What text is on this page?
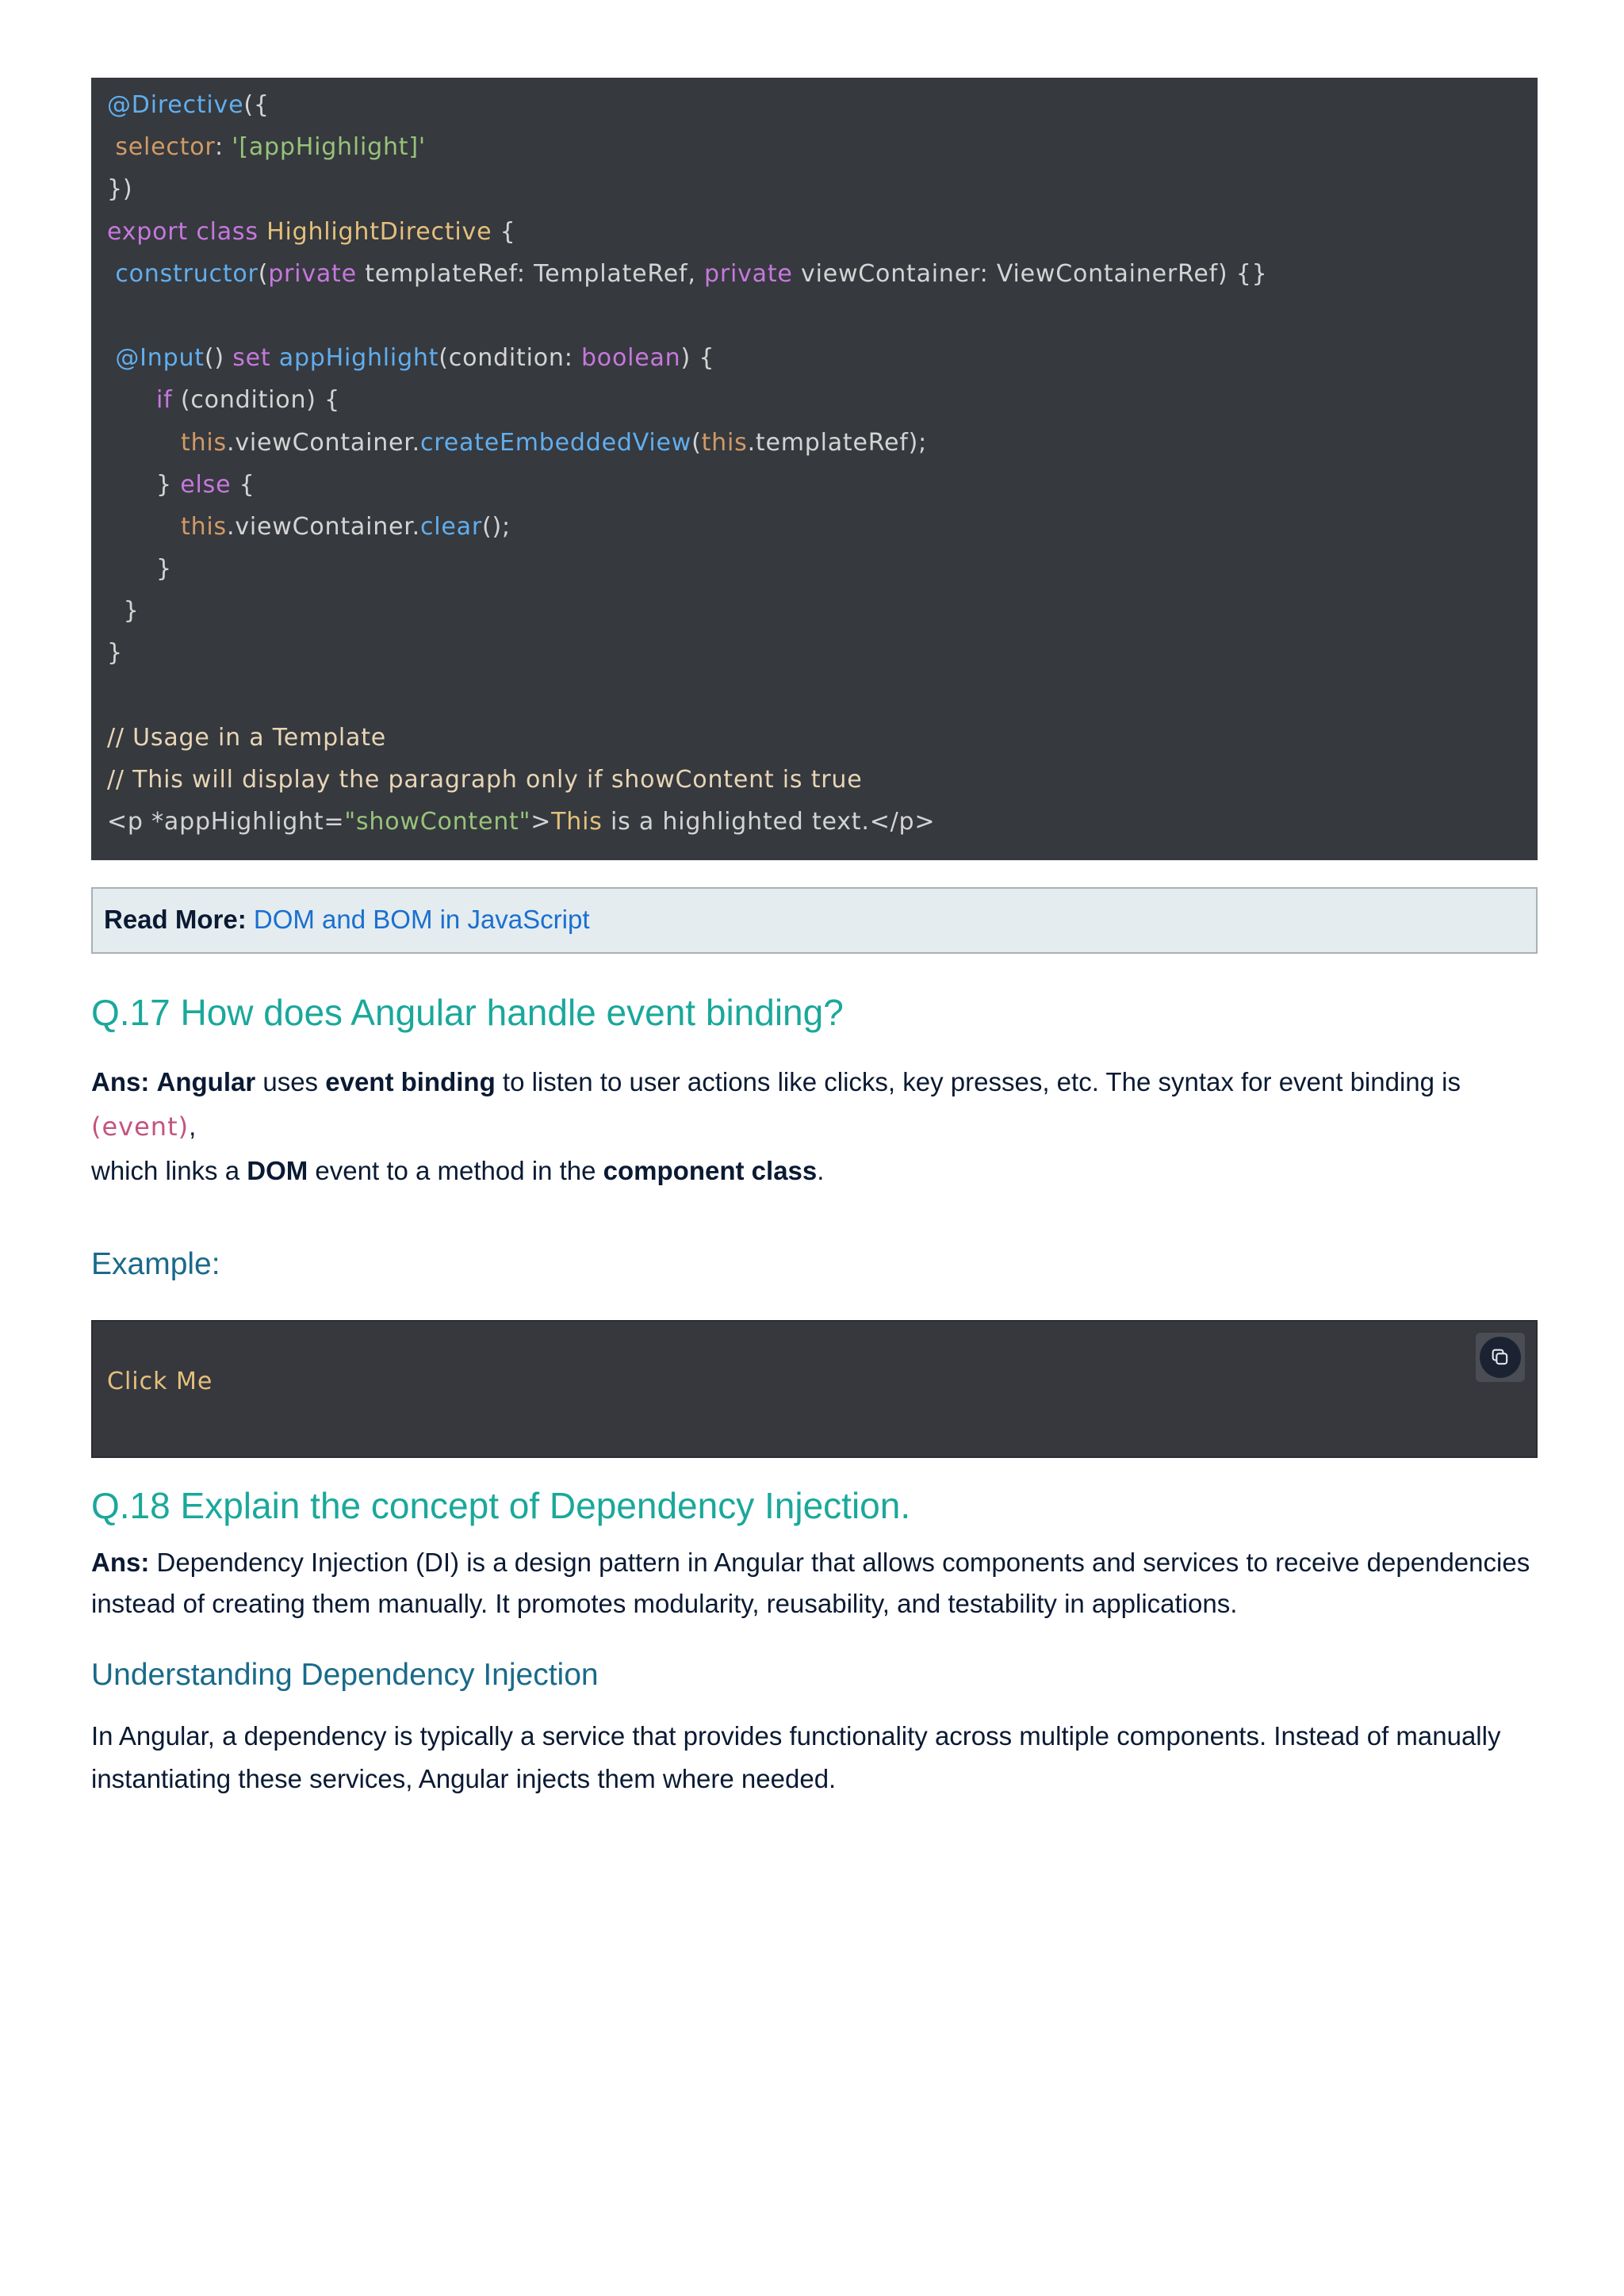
@Directive({
selector: '[appHighlight]'
})
export class HighlightDirective {
constructor(private templateRef: TemplateRef, private viewContainer: ViewContainerRef) {}
@Input() set appHighlight(condition: boolean) {
if (condition) {
this.viewContainer.createEmbeddedView(this.templateRef);
} else {
this.viewContainer.clear();
}
}
}
// Usage in a Template
// This will display the paragraph only if showContent is true
<p *appHighlight="showContent">This is a highlighted text.</p>
Read More: DOM and BOM in JavaScript
Q.17 How does Angular handle event binding?
Ans: Angular uses event binding to listen to user actions like clicks, key presses, etc. The syntax for event binding is (event),
which links a DOM event to a method in the component class.
Example:
Click Me
Q.18 Explain the concept of Dependency Injection.
Ans: Dependency Injection (DI) is a design pattern in Angular that allows components and services to receive dependencies instead of creating them manually. It promotes modularity, reusability, and testability in applications.
Understanding Dependency Injection
In Angular, a dependency is typically a service that provides functionality across multiple components. Instead of manually instantiating these services, Angular injects them where needed.
